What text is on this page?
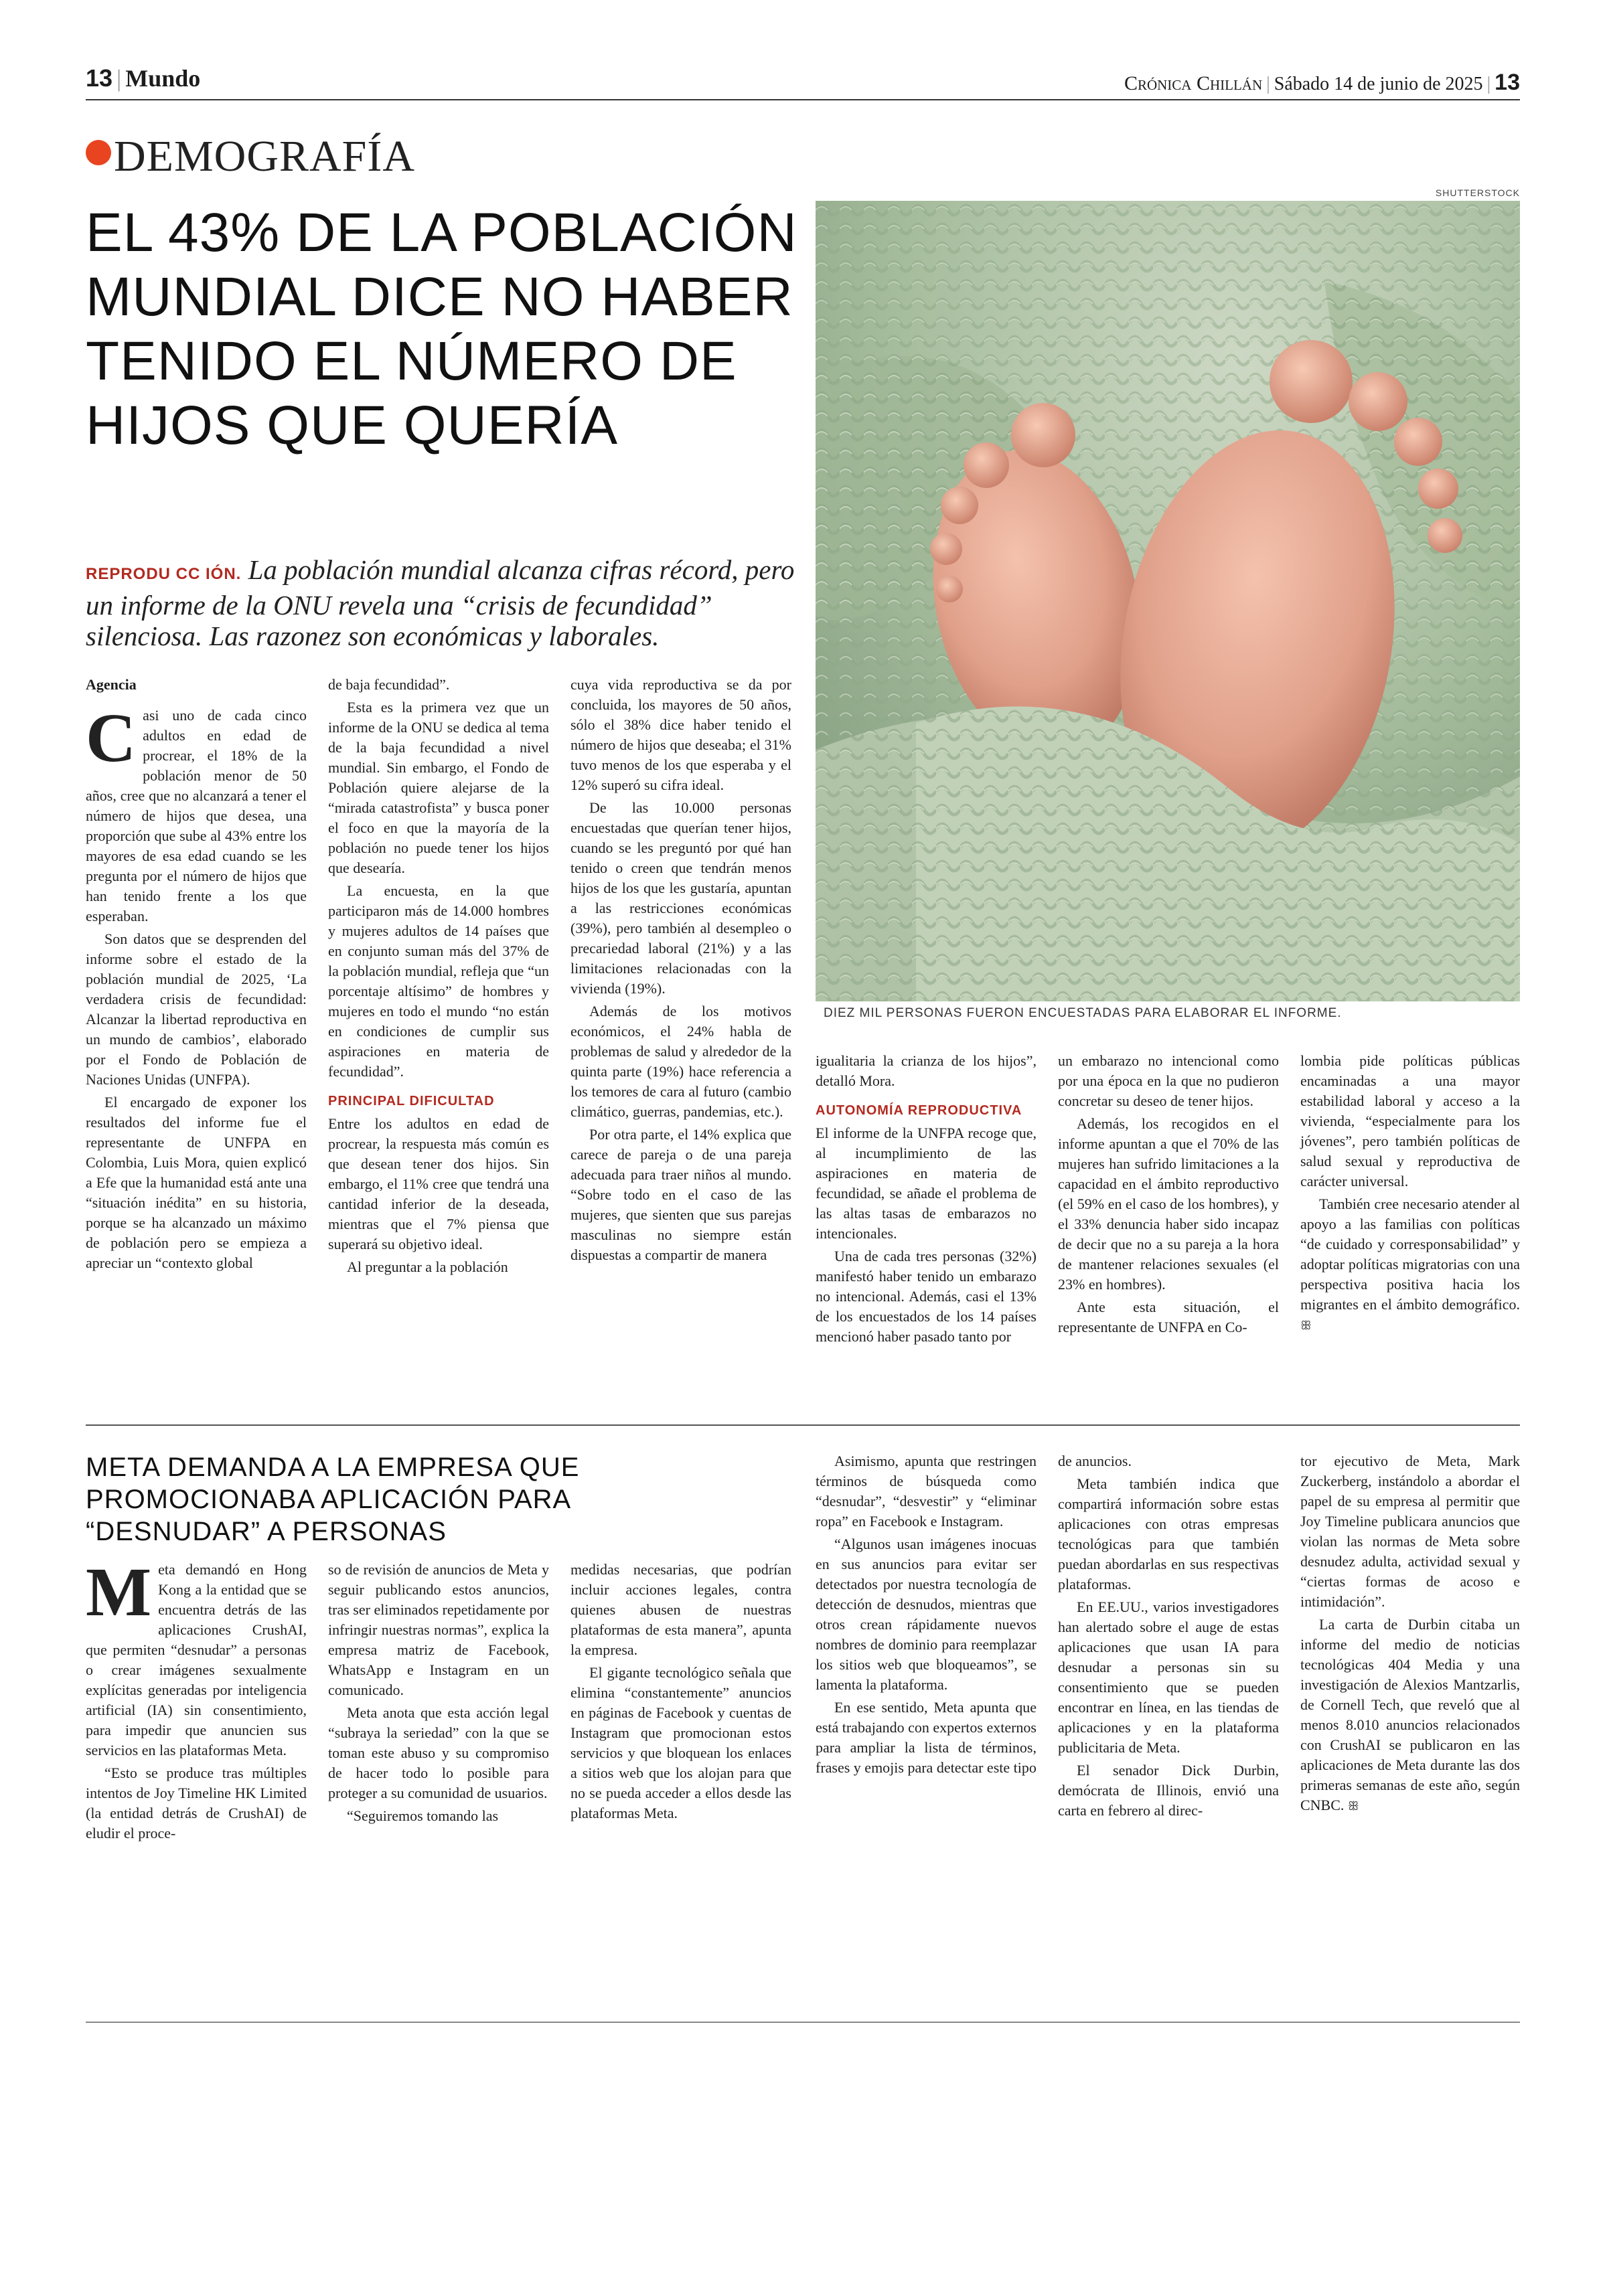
13 | Mundo	Crónica Chillán | Sábado 14 de junio de 2025 | 13
DEMOGRAFÍA
EL 43% DE LA POBLACIÓN MUNDIAL DICE NO HABER TENIDO EL NÚMERO DE HIJOS QUE QUERÍA
REPRODU CC IÓN. La población mundial alcanza cifras récord, pero un informe de la ONU revela una “crisis de fecundidad” silenciosa. Las razonez son económicas y laborales.
SHUTTERSTOCK
DIEZ MIL PERSONAS FUERON ENCUESTADAS PARA ELABORAR EL INFORME.

Agencia

Casi uno de cada cinco adultos en edad de procrear, el 18% de la población menor de 50 años, cree que no alcanzará a tener el número de hijos que desea, una proporción que sube al 43% entre los mayores de esa edad cuando se les pregunta por el número de hijos que han tenido frente a los que esperaban.

Son datos que se desprenden del informe sobre el estado de la población mundial de 2025, ‘La verdadera crisis de fecundidad: Alcanzar la libertad reproductiva en un mundo de cambios’, elaborado por el Fondo de Población de Naciones Unidas (UNFPA).

El encargado de exponer los resultados del informe fue el representante de UNFPA en Colombia, Luis Mora, quien explicó a Efe que la humanidad está ante una “situación inédita” en su historia, porque se ha alcanzado un máximo de población pero se empieza a apreciar un “contexto global

de baja fecundidad”.

Esta es la primera vez que un informe de la ONU se dedica al tema de la baja fecundidad a nivel mundial. Sin embargo, el Fondo de Población quiere alejarse de la “mirada catastrofista” y busca poner el foco en que la mayoría de la población no puede tener los hijos que desearía.

La encuesta, en la que participaron más de 14.000 hombres y mujeres adultos de 14 países que en conjunto suman más del 37% de la población mundial, refleja que “un porcentaje altísimo” de hombres y mujeres en todo el mundo “no están en condiciones de cumplir sus aspiraciones en materia de fecundidad”.

PRINCIPAL DIFICULTAD

Entre los adultos en edad de procrear, la respuesta más común es que desean tener dos hijos. Sin embargo, el 11% cree que tendrá una cantidad inferior de la deseada, mientras que el 7% piensa que superará su objetivo ideal.

Al preguntar a la población

cuya vida reproductiva se da por concluida, los mayores de 50 años, sólo el 38% dice haber tenido el número de hijos que deseaba; el 31% tuvo menos de los que esperaba y el 12% superó su cifra ideal.

De las 10.000 personas encuestadas que querían tener hijos, cuando se les preguntó por qué han tenido o creen que tendrán menos hijos de los que les gustaría, apuntan a las restricciones económicas (39%), pero también al desempleo o precariedad laboral (21%) y a las limitaciones relacionadas con la vivienda (19%).

Además de los motivos económicos, el 24% habla de problemas de salud y alrededor de la quinta parte (19%) hace referencia a los temores de cara al futuro (cambio climático, guerras, pandemias, etc.).

Por otra parte, el 14% explica que carece de pareja o de una pareja adecuada para traer niños al mundo. “Sobre todo en el caso de las mujeres, que sienten que sus parejas masculinas no siempre están dispuestas a compartir de manera

igualitaria la crianza de los hijos”, detalló Mora.

AUTONOMÍA REPRODUCTIVA

El informe de la UNFPA recoge que, al incumplimiento de las aspiraciones en materia de fecundidad, se añade el problema de las altas tasas de embarazos no intencionales.

Una de cada tres personas (32%) manifestó haber tenido un embarazo no intencional. Además, casi el 13% de los encuestados de los 14 países mencionó haber pasado tanto por

un embarazo no intencional como por una época en la que no pudieron concretar su deseo de tener hijos.

Además, los recogidos en el informe apuntan a que el 70% de las mujeres han sufrido limitaciones a la capacidad en el ámbito reproductivo (el 59% en el caso de los hombres), y el 33% denuncia haber sido incapaz de decir que no a su pareja a la hora de mantener relaciones sexuales (el 23% en hombres).

Ante esta situación, el representante de UNFPA en Co-

lombia pide políticas públicas encaminadas a una mayor estabilidad laboral y acceso a la vivienda, “especialmente para los jóvenes”, pero también políticas de salud sexual y reproductiva de carácter universal.

También cree necesario atender al apoyo a las familias con políticas “de cuidado y corresponsabilidad” y adoptar políticas migratorias con una perspectiva positiva hacia los migrantes en el ámbito demográfico. ꕥ

META DEMANDA A LA EMPRESA QUE PROMOCIONABA APLICACIÓN PARA “DESNUDAR” A PERSONAS

Meta demandó en Hong Kong a la entidad que se encuentra detrás de las aplicaciones CrushAI, que permiten “desnudar” a personas o crear imágenes sexualmente explícitas generadas por inteligencia artificial (IA) sin consentimiento, para impedir que anuncien sus servicios en las plataformas Meta.

“Esto se produce tras múltiples intentos de Joy Timeline HK Limited (la entidad detrás de CrushAI) de eludir el proce-

so de revisión de anuncios de Meta y seguir publicando estos anuncios, tras ser eliminados repetidamente por infringir nuestras normas”, explica la empresa matriz de Facebook, WhatsApp e Instagram en un comunicado.

Meta anota que esta acción legal “subraya la seriedad” con la que se toman este abuso y su compromiso de hacer todo lo posible para proteger a su comunidad de usuarios.

“Seguiremos tomando las

medidas necesarias, que podrían incluir acciones legales, contra quienes abusen de nuestras plataformas de esta manera”, apunta la empresa.

El gigante tecnológico señala que elimina “constantemente” anuncios en páginas de Facebook y cuentas de Instagram que promocionan estos servicios y que bloquean los enlaces a sitios web que los alojan para que no se pueda acceder a ellos desde las plataformas Meta.

Asimismo, apunta que restringen términos de búsqueda como “desnudar”, “desvestir” y “eliminar ropa” en Facebook e Instagram.

“Algunos usan imágenes inocuas en sus anuncios para evitar ser detectados por nuestra tecnología de detección de desnudos, mientras que otros crean rápidamente nuevos nombres de dominio para reemplazar los sitios web que bloqueamos”, se lamenta la plataforma.

En ese sentido, Meta apunta que está trabajando con expertos externos para ampliar la lista de términos, frases y emojis para detectar este tipo

de anuncios.

Meta también indica que compartirá información sobre estas aplicaciones con otras empresas tecnológicas para que también puedan abordarlas en sus respectivas plataformas.

En EE.UU., varios investigadores han alertado sobre el auge de estas aplicaciones que usan IA para desnudar a personas sin su consentimiento que se pueden encontrar en línea, en las tiendas de aplicaciones y en la plataforma publicitaria de Meta.

El senador Dick Durbin, demócrata de Illinois, envió una carta en febrero al direc-

tor ejecutivo de Meta, Mark Zuckerberg, instándolo a abordar el papel de su empresa al permitir que Joy Timeline publicara anuncios que violan las normas de Meta sobre desnudez adulta, actividad sexual y “ciertas formas de acoso e intimidación”.

La carta de Durbin citaba un informe del medio de noticias tecnológicas 404 Media y una investigación de Alexios Mantzarlis, de Cornell Tech, que reveló que al menos 8.010 anuncios relacionados con CrushAI se publicaron en las aplicaciones de Meta durante las dos primeras semanas de este año, según CNBC. ꕥ
